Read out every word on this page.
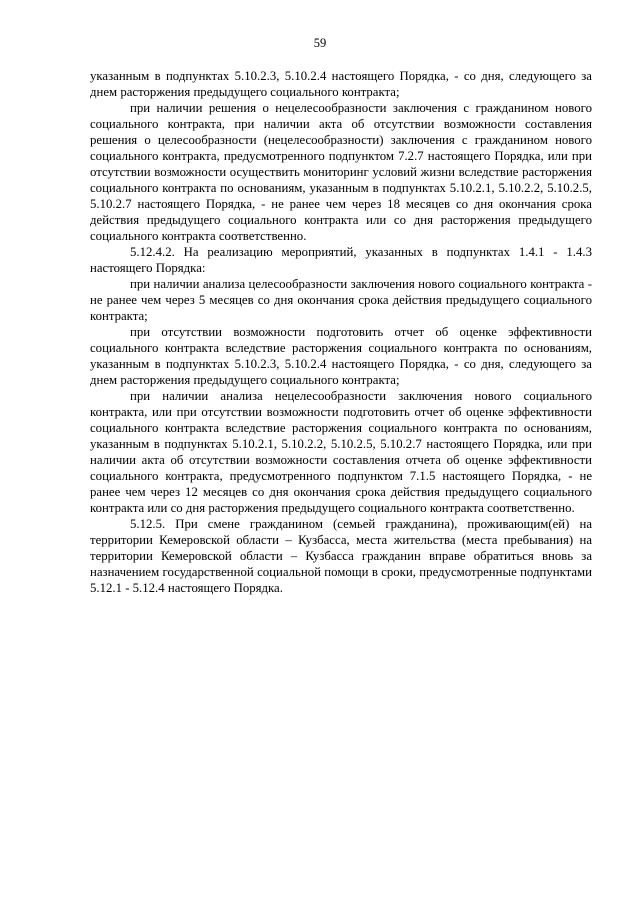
59

указанным в подпунктах 5.10.2.3, 5.10.2.4 настоящего Порядка, - со дня, следующего за днем расторжения предыдущего социального контракта;

при наличии решения о нецелесообразности заключения с гражданином нового социального контракта, при наличии акта об отсутствии возможности составления решения о целесообразности (нецелесообразности) заключения с гражданином нового социального контракта, предусмотренного подпунктом 7.2.7 настоящего Порядка, или при отсутствии возможности осуществить мониторинг условий жизни вследствие расторжения социального контракта по основаниям, указанным в подпунктах 5.10.2.1, 5.10.2.2, 5.10.2.5, 5.10.2.7 настоящего Порядка, - не ранее чем через 18 месяцев со дня окончания срока действия предыдущего социального контракта или со дня расторжения предыдущего социального контракта соответственно.

5.12.4.2. На реализацию мероприятий, указанных в подпунктах 1.4.1 - 1.4.3 настоящего Порядка:

при наличии анализа целесообразности заключения нового социального контракта - не ранее чем через 5 месяцев со дня окончания срока действия предыдущего социального контракта;

при отсутствии возможности подготовить отчет об оценке эффективности социального контракта вследствие расторжения социального контракта по основаниям, указанным в подпунктах 5.10.2.3, 5.10.2.4 настоящего Порядка, - со дня, следующего за днем расторжения предыдущего социального контракта;

при наличии анализа нецелесообразности заключения нового социального контракта, или при отсутствии возможности подготовить отчет об оценке эффективности социального контракта вследствие расторжения социального контракта по основаниям, указанным в подпунктах 5.10.2.1, 5.10.2.2, 5.10.2.5, 5.10.2.7 настоящего Порядка, или при наличии акта об отсутствии возможности составления отчета об оценке эффективности социального контракта, предусмотренного подпунктом 7.1.5 настоящего Порядка, - не ранее чем через 12 месяцев со дня окончания срока действия предыдущего социального контракта или со дня расторжения предыдущего социального контракта соответственно.

5.12.5. При смене гражданином (семьей гражданина), проживающим(ей) на территории Кемеровской области – Кузбасса, места жительства (места пребывания) на территории Кемеровской области – Кузбасса гражданин вправе обратиться вновь за назначением государственной социальной помощи в сроки, предусмотренные подпунктами 5.12.1 - 5.12.4 настоящего Порядка.
